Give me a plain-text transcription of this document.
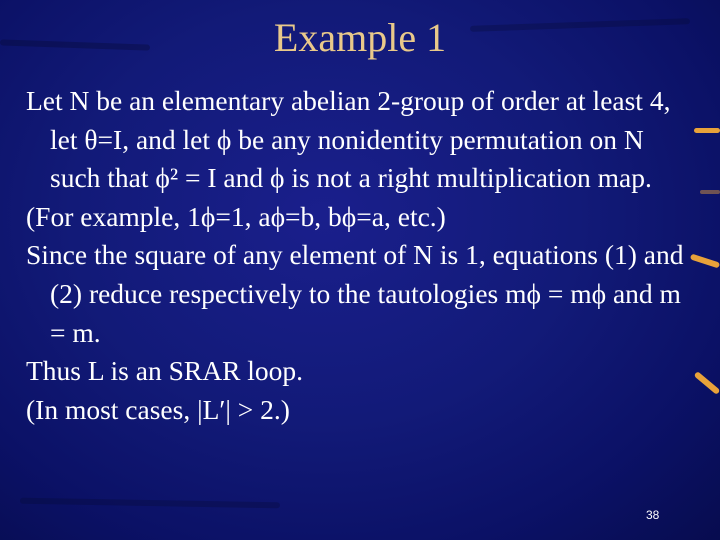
Example 1

Let N be an elementary abelian 2-group of order at least 4, let θ=I, and let ϕ be any nonidentity permutation on N such that ϕ² = I and ϕ is not a right multiplication map.

(For example, 1ϕ=1, aϕ=b, bϕ=a, etc.)

Since the square of any element of N is 1, equations (1) and (2) reduce respectively to the tautologies mϕ = mϕ and m = m.

Thus L is an SRAR loop.

(In most cases, |L′| > 2.)

38
